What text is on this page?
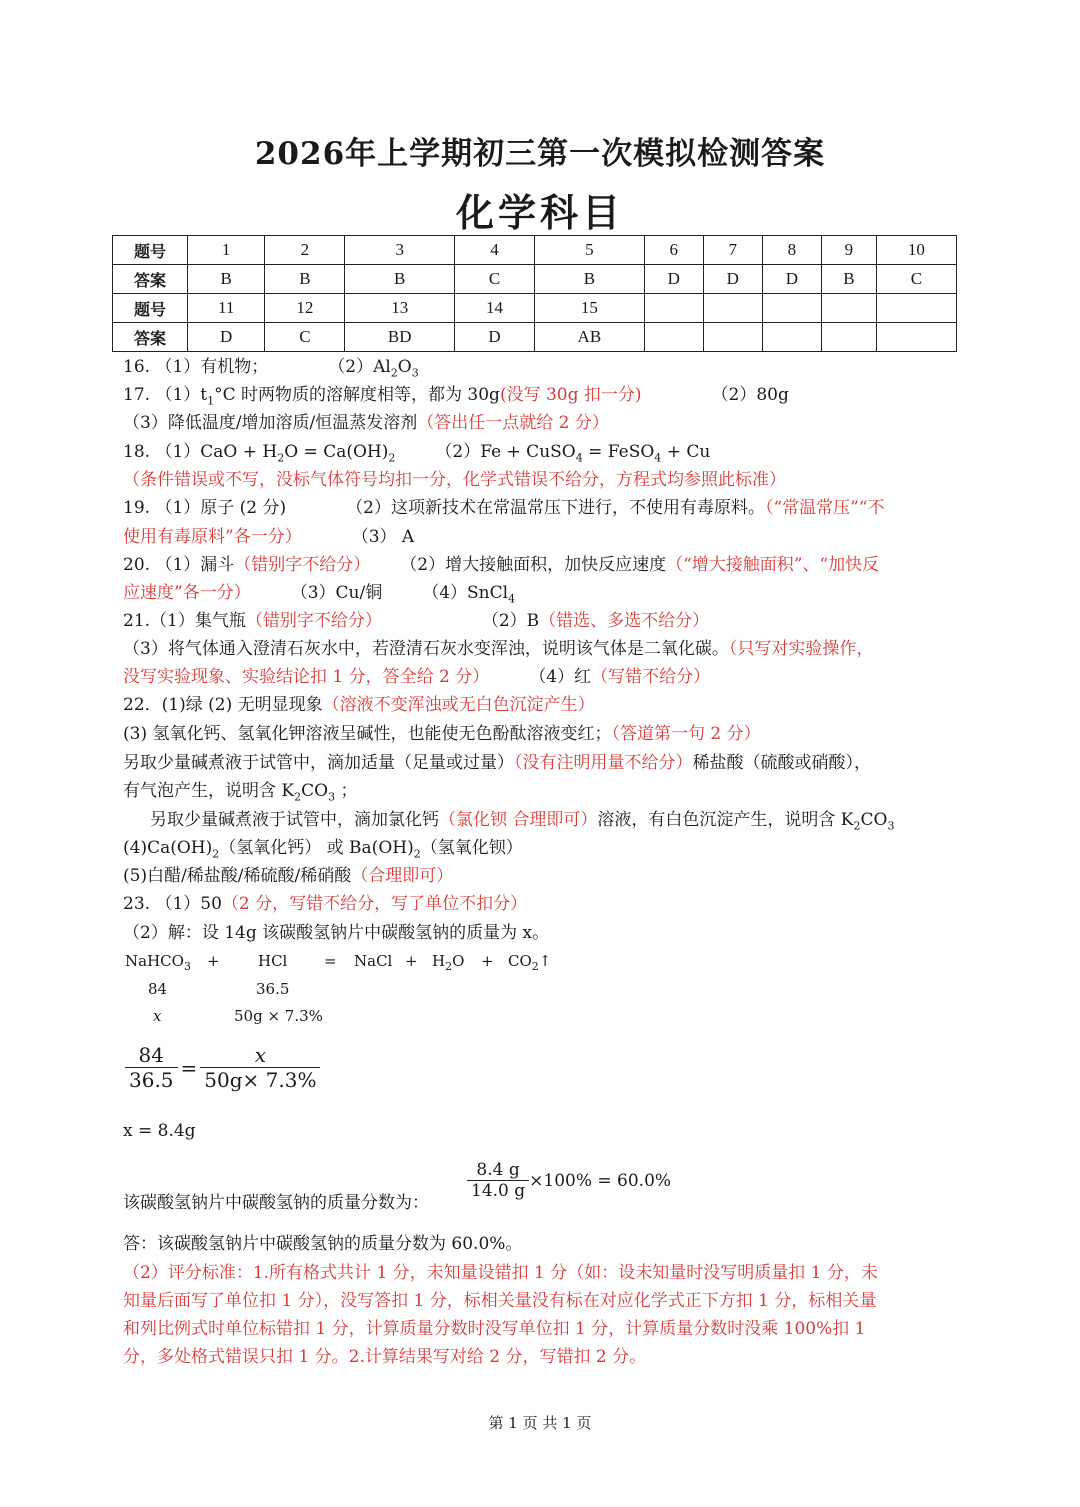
2026年上学期初三第一次模拟检测答案
化学科目
题号	1	2	3	4	5	6	7	8	9	10
答案	B	B	B	C	B	D	D	D	B	C
题号	11	12	13	14	15					
答案	D	C	BD	D	AB					
16. （1）有机物；	$(2)Al_2O_3$
17. $(1)t_1^\circ C$ 时两物质的溶解度相等，都为 30g(没写 30g 扣一分)	（2）80g
（3）降低温度/增加溶质/恒温蒸发溶剂（答出任一点就给 2 分）
18. $(1)CaO + H_2O = Ca(OH)_2$ （2）Fe + CuSO$_4$ = FeSO$_4$ + Cu
（条件错误或不写，没标气体符号均扣一分，化学式错误不给分，方程式均参照此标准）
19. （1）原子 (2 分)	（2）这项新技术在常温常压下进行，不使用有毒原料。（“常温常压”“不
使用有毒原料”各一分）	（3） A
20. （1）漏斗（错别字不给分） （2）增大接触面积，加快反应速度（“增大接触面积”、“加快反
应速度”各一分） （3）Cu/铜 （4）SnCl$_4$
21.（1）集气瓶（错别字不给分）	（2）B（错选、多选不给分）
（3）将气体通入澄清石灰水中，若澄清石灰水变浑浊，说明该气体是二氧化碳。（只写对实验操作，
没写实验现象、实验结论扣 1 分，答全给 2 分） （4）红（写错不给分）
22．(1)绿 (2) 无明显现象（溶液不变浑浊或无白色沉淀产生）
(3) 氢氧化钙、氢氧化钾溶液呈碱性，也能使无色酚酞溶液变红；（答道第一句 2 分）
另取少量碱煮液于试管中，滴加适量（足量或过量）（没有注明用量不给分）稀盐酸（硫酸或硝酸），
有气泡产生，说明含 $K_2CO_3$ ；
另取少量碱煮液于试管中，滴加氯化钙（氯化钡 合理即可）溶液，有白色沉淀产生，说明含 $K_2CO_3$
$(4)Ca(OH)_2$（氢氧化钙） 或 $Ba(OH)_2$（氢氧化钡）
(5)白醋/稀盐酸/稀硫酸/稀硝酸（合理即可）
23. （1）50（2 分，写错不给分，写了单位不扣分）
（2）解：设 14g 该碳酸氢钠片中碳酸氢钠的质量为 x。
NaHCO$_3$ +	HCl = NaCl + $H_2O$ + $CO_2↑$
84	36.5
x	50g × 7.3%
$\frac{84}{36.5} = \frac{x}{50g\times 7.3\%}$
x = 8.4g
该碳酸氢钠片中碳酸氢钠的质量分数为：
$\frac{8.4 g}{14.0 g} \times 100\% = 60.0\%$
答：该碳酸氢钠片中碳酸氢钠的质量分数为 60.0%。
（2）评分标准：1.所有格式共计 1 分，未知量设错扣 1 分（如：设未知量时没写明质量扣 1 分，未
知量后面写了单位扣 1 分），没写答扣 1 分，标相关量没有标在对应化学式正下方扣 1 分，标相关量
和列比例式时单位标错扣 1 分，计算质量分数时没写单位扣 1 分，计算质量分数时没乘 100%扣 1
分，多处格式错误只扣 1 分。2.计算结果写对给 2 分，写错扣 2 分。
第 1 页 共 1 页
